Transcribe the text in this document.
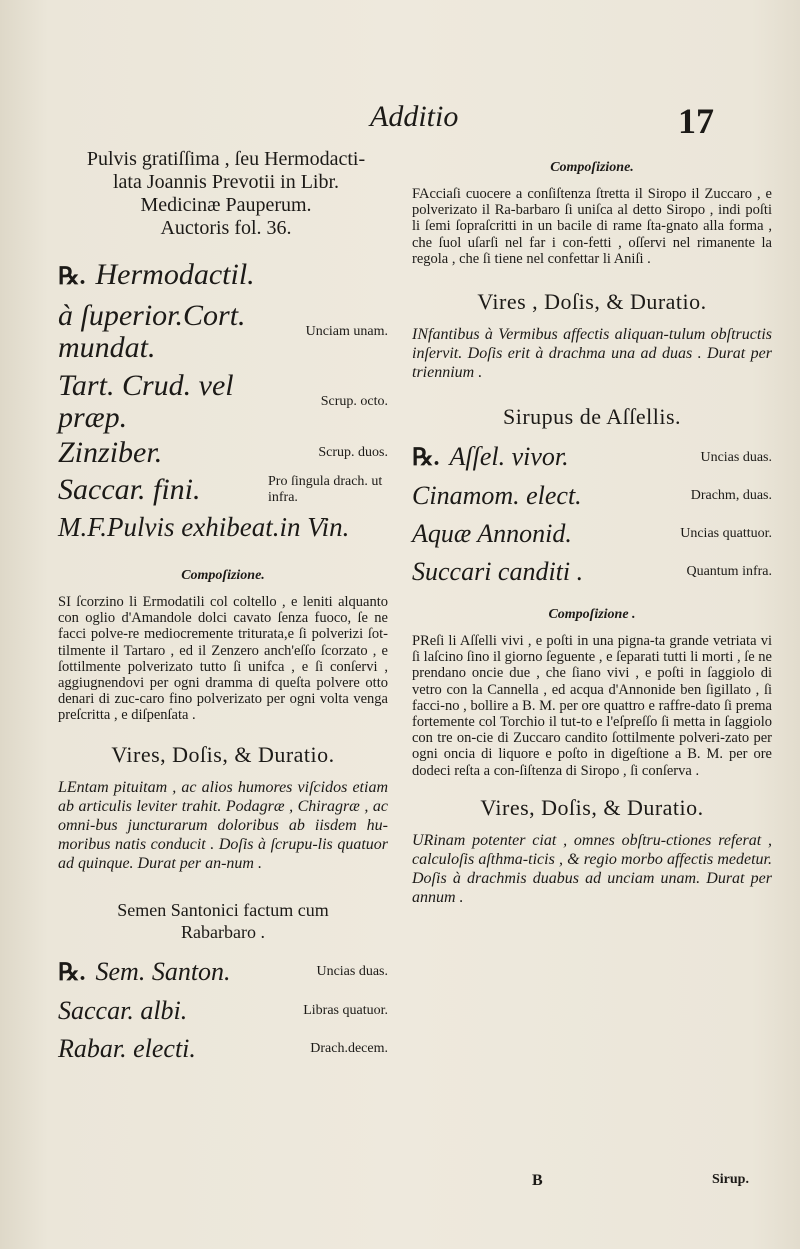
Additio	17

Pulvis gratiſſima , ſeu Hermodacti-

lata Joannis Prevotii in Libr.

Medicinæ Pauperum.

Auctoris fol. 36.

℞. Hermodactil.
à ſuperior.Cort. mundat.	Unciam unam.
Tart. Crud. vel præp.	Scrup. octo.
Zinziber.	Scrup. duos.
Saccar. fini.	Pro ſingula drach. ut infra.
M.F.Pulvis exhibeat.in Vin.
Compoſizione.

SI ſcorzino li Ermodatili col coltello , e leniti alquanto con oglio d'Amandole dolci cavato ſenza fuoco, ſe ne facci polve-re mediocremente triturata,e ſi polverizi ſot-tilmente il Tartaro , ed il Zenzero anch'eſſo ſcorzato , e ſottilmente polverizato tutto ſi unifca , e ſi conſervi , aggiugnendovi per ogni dramma di queſta polvere otto denari di zuc-caro fino polverizato per ogni volta venga preſcritta , e diſpenſata .

Vires, Doſis, & Duratio.

LEntam pituitam , ac alios humores viſcidos etiam ab articulis leviter trahit. Podagræ , Chiragræ , ac omni-bus juncturarum doloribus ab iisdem hu-moribus natis conducit . Doſis à ſcrupu-lis quatuor ad quinque. Durat per an-num .

Semen Santonici factum cum

Rabarbaro .

℞. Sem. Santon.	Uncias duas.
Saccar. albi.	Libras quatuor.
Rabar. electi.	Drach.decem.
Compoſizione.

FAcciaſi cuocere a conſiſtenza ſtretta il Siropo il Zuccaro , e polverizato il Ra-barbaro ſi uniſca al detto Siropo , indi poſti li ſemi ſopraſcritti in un bacile di rame ſta-gnato alla forma , che ſuol uſarſi nel far i con-fetti , oſſervi nel rimanente la regola , che ſi tiene nel confettar li Aniſi .

Vires , Doſis, & Duratio.

INfantibus à Vermibus affectis aliquan-tulum obſtructis inſervit. Doſis erit à drachma una ad duas . Durat per triennium .

Sirupus de Aſſellis.
℞. Aſſel. vivor.	Uncias duas.
Cinamom. elect.	Drachm, duas.
Aquæ Annonid.	Uncias quattuor.
Succari canditi .	Quantum infra.
Compoſizione .

PReſi li Aſſelli vivi , e poſti in una pigna-ta grande vetriata vi ſi laſcino ſino il giorno ſeguente , e ſeparati tutti li morti , ſe ne prendano oncie due , che ſiano vivi , e poſti in ſaggiolo di vetro con la Cannella , ed acqua d'Annonide ben ſigillato , ſi facci-no , bollire a B. M. per ore quattro e raffre-dato ſi prema fortemente col Torchio il tut-to e l'eſpreſſo ſi metta in ſaggiolo con tre on-cie di Zuccaro candito ſottilmente polveri-zato per ogni oncia di liquore e poſto in digeſtione a B. M. per ore dodeci reſta a con-ſiſtenza di Siropo , ſi conſerva .

Vires, Doſis, & Duratio.

URinam potenter ciat , omnes obſtru-ctiones referat , calculoſis aſthma-ticis , & regio morbo affectis medetur. Doſis à drachmis duabus ad unciam unam. Durat per annum .

B	Sirup.
